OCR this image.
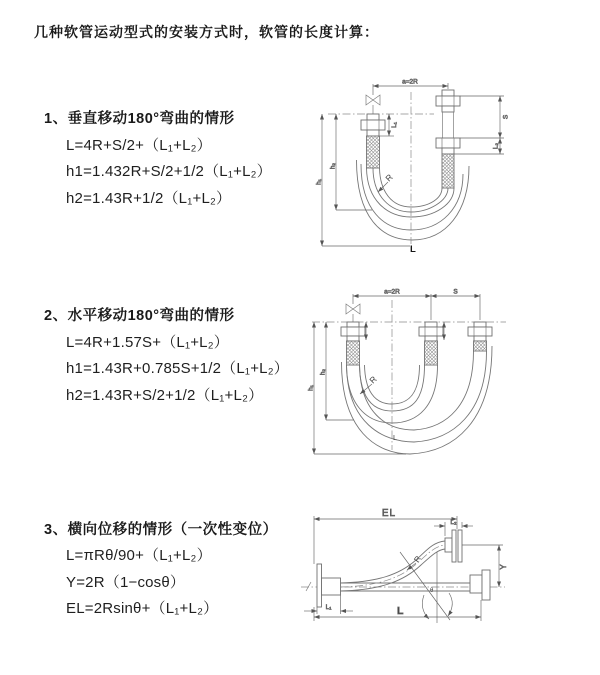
几种软管运动型式的安装方式时，软管的长度计算：
1、垂直移动180°弯曲的情形
L=4R+S/2+（L₁+L₂）
h1=1.432R+S/2+1/2（L₁+L₂）
h2=1.43R+1/2（L₁+L₂）
2、水平移动180°弯曲的情形
L=4R+1.57S+（L₁+L₂）
h1=1.43R+0.785S+1/2（L₁+L₂）
h2=1.43R+S/2+1/2（L₁+L₂）
3、横向位移的情形（一次性变位）
L=πRθ/90+（L₁+L₂）
Y=2R（1−cosθ）
EL=2Rsinθ+（L₁+L₂）
a=2R
S
L₂
L₁
h₂
h₁	R
L
a=2R	S
h₂
h₁
R
L
EL
L₂
Y
θ
R
L₁	L
